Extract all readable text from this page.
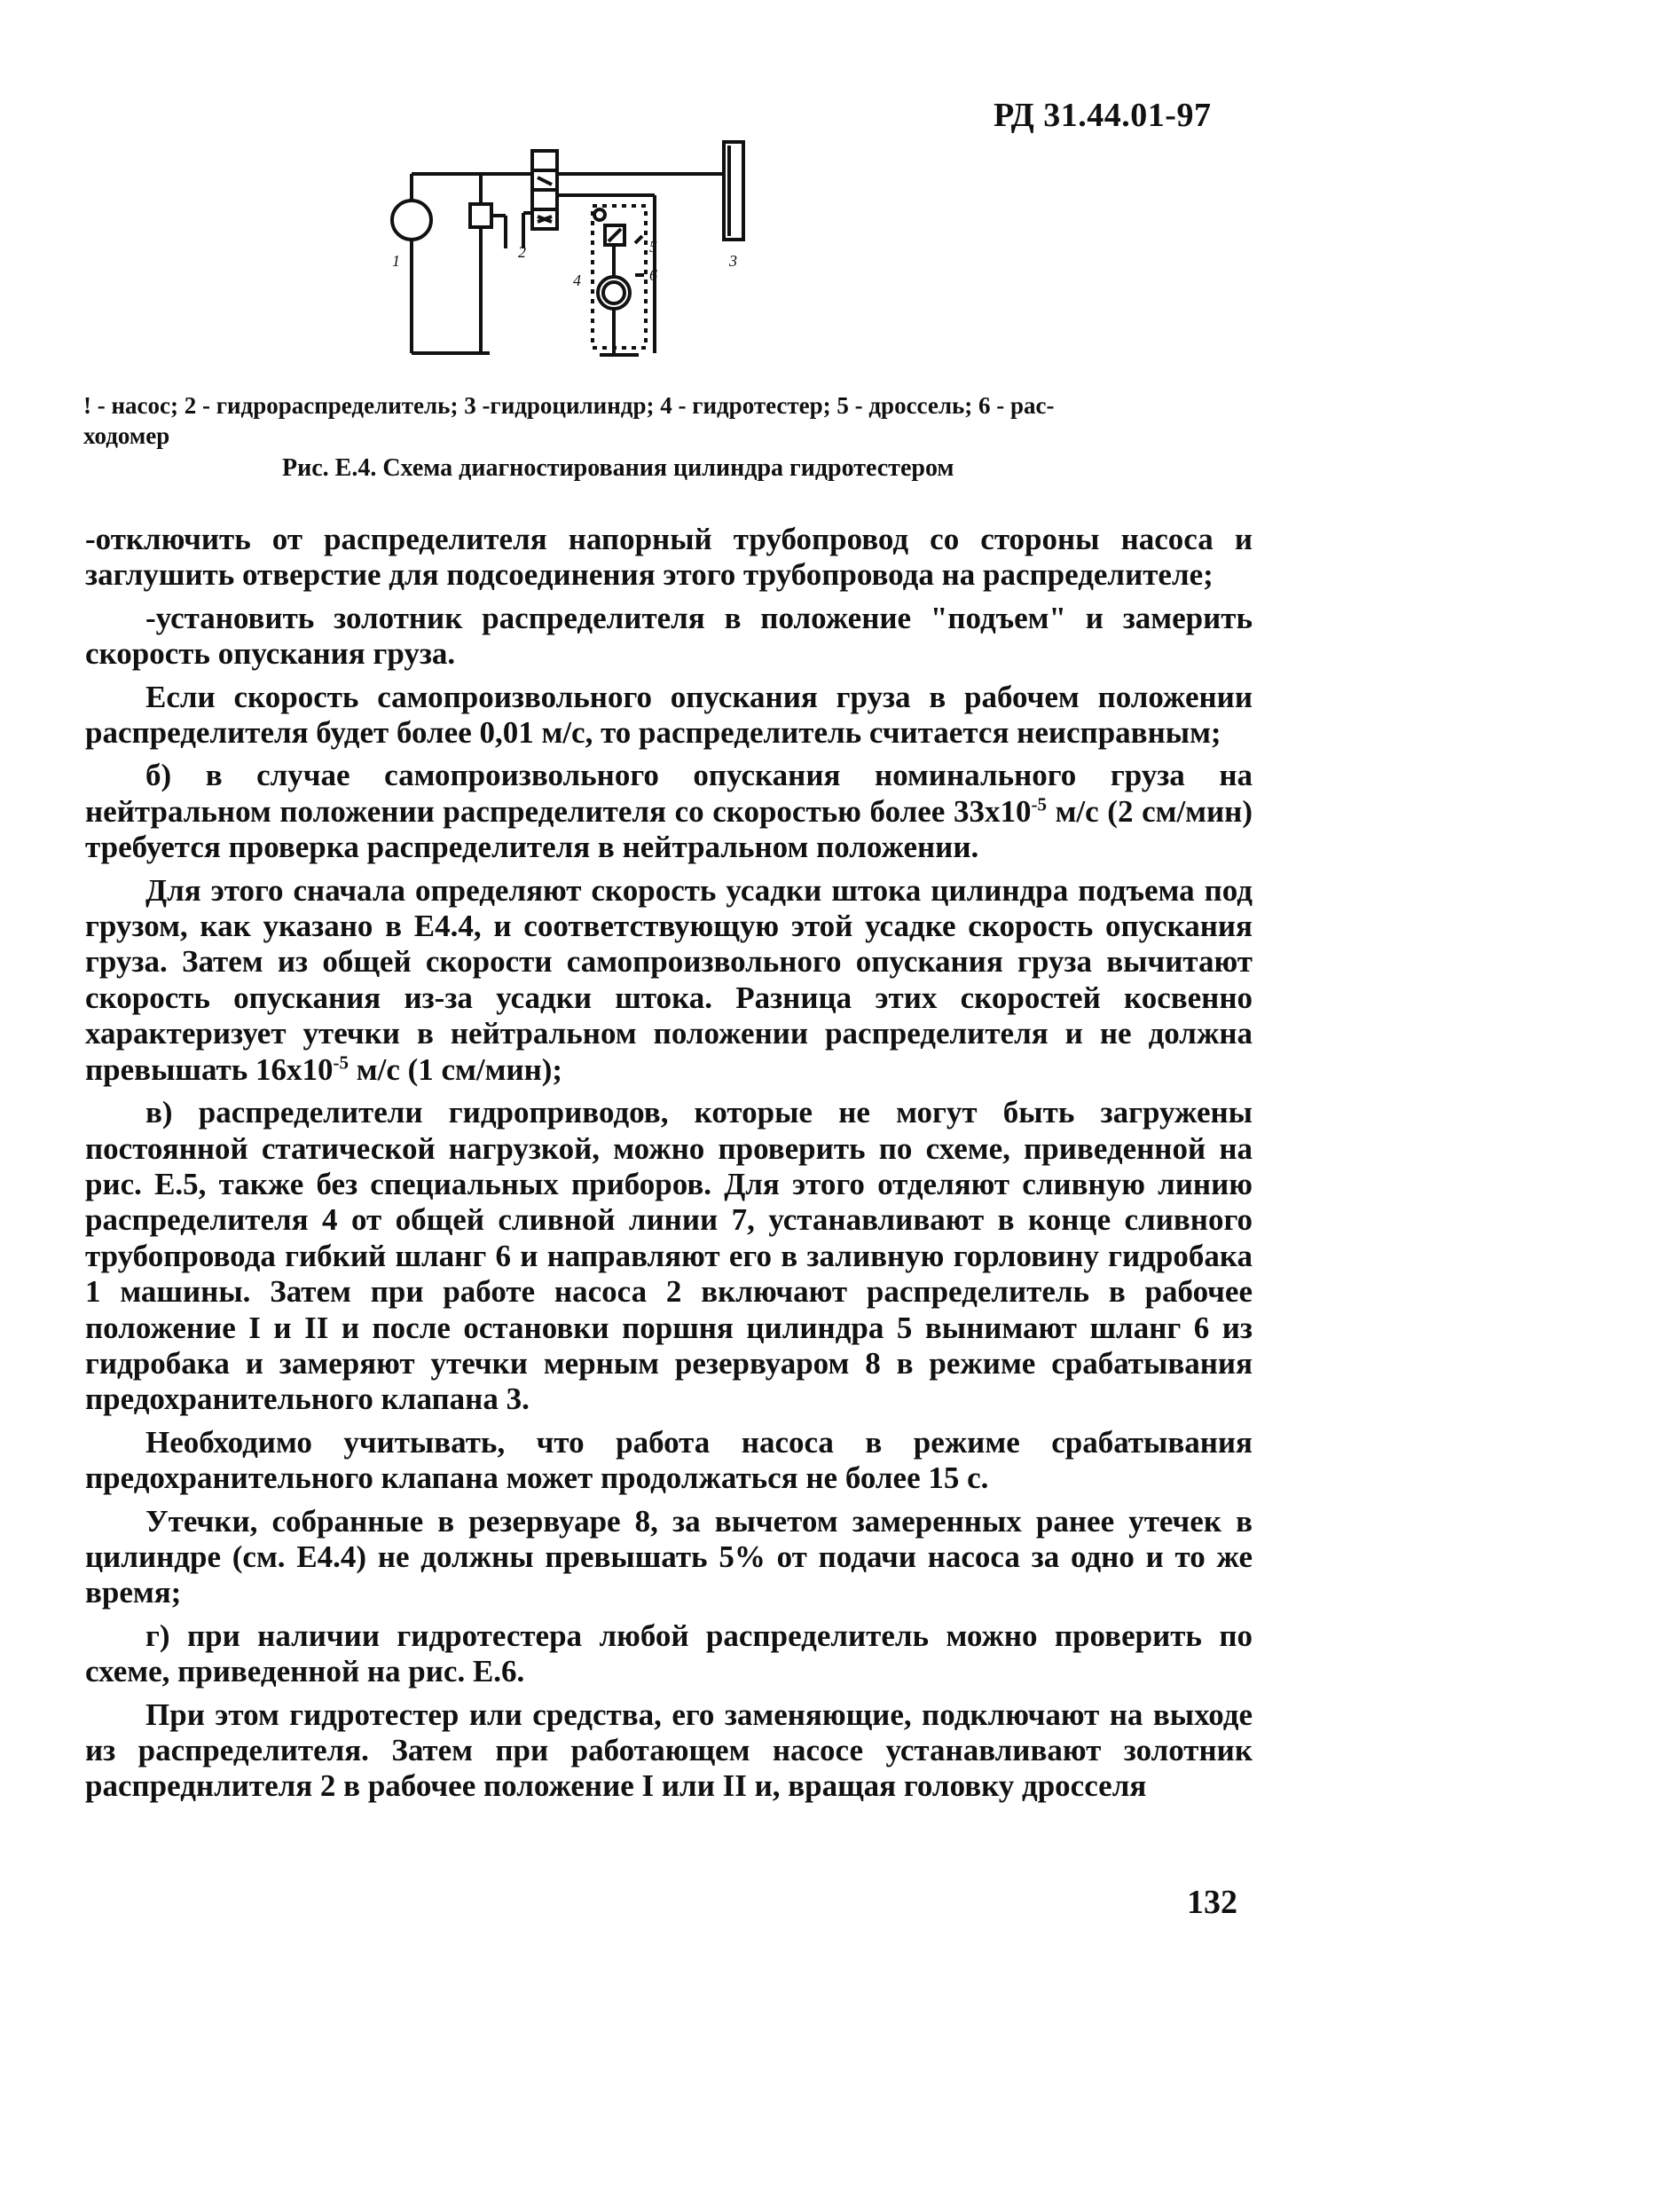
РД 31.44.01-97
1	2	3
4
5
6

! - насос; 2 - гидрораспределитель; 3 -гидроцилиндр; 4 - гидротестер; 5 - дроссель; 6 - рас-

ходомер

Рис. Е.4. Схема диагностирования цилиндра гидротестером

-отключить от распределителя напорный трубопровод со стороны насоса и заглушить отверстие для подсоединения этого трубопровода на распределителе;

-установить золотник распределителя в положение "подъем" и замерить скорость опускания груза.

Если скорость самопроизвольного опускания груза в рабочем положении распределителя будет более 0,01 м/с, то распределитель считается неисправным;

б) в случае самопроизвольного опускания номинального груза на нейтральном положении распределителя со скоростью более $33х10^{-5}$ м/с (2 см/мин) требуется проверка распределителя в нейтральном положении.

Для этого сначала определяют скорость усадки штока цилиндра подъема под грузом, как указано в Е4.4, и соответствующую этой усадке скорость опускания груза. Затем из общей скорости самопроизвольного опускания груза вычитают скорость опускания из-за усадки штока. Разница этих скоростей косвенно характеризует утечки в нейтральном положении распределителя и не должна превышать $16х10^{-5}$ м/с (1 см/мин);

в) распределители гидроприводов, которые не могут быть загружены постоянной статической нагрузкой, можно проверить по схеме, приведенной на рис. Е.5, также без специальных приборов. Для этого отделяют сливную линию распределителя 4 от общей сливной линии 7, устанавливают в конце сливного трубопровода гибкий шланг 6 и направляют его в заливную горловину гидробака 1 машины. Затем при работе насоса 2 включают распределитель в рабочее положение I и II и после остановки поршня цилиндра 5 вынимают шланг 6 из гидробака и замеряют утечки мерным резервуаром 8 в режиме срабатывания предохранительного клапана 3.

Необходимо учитывать, что работа насоса в режиме срабатывания предохранительного клапана может продолжаться не более 15 с.

Утечки, собранные в резервуаре 8, за вычетом замеренных ранее утечек в цилиндре (см. Е4.4) не должны превышать 5% от подачи насоса за одно и то же время;

г) при наличии гидротестера любой распределитель можно проверить по схеме, приведенной на рис. Е.6.

При этом гидротестер или средства, его заменяющие, подключают на выходе из распределителя. Затем при работающем насосе устанавливают золотник распреднлителя 2 в рабочее положение I или II и, вращая головку дросселя

132
